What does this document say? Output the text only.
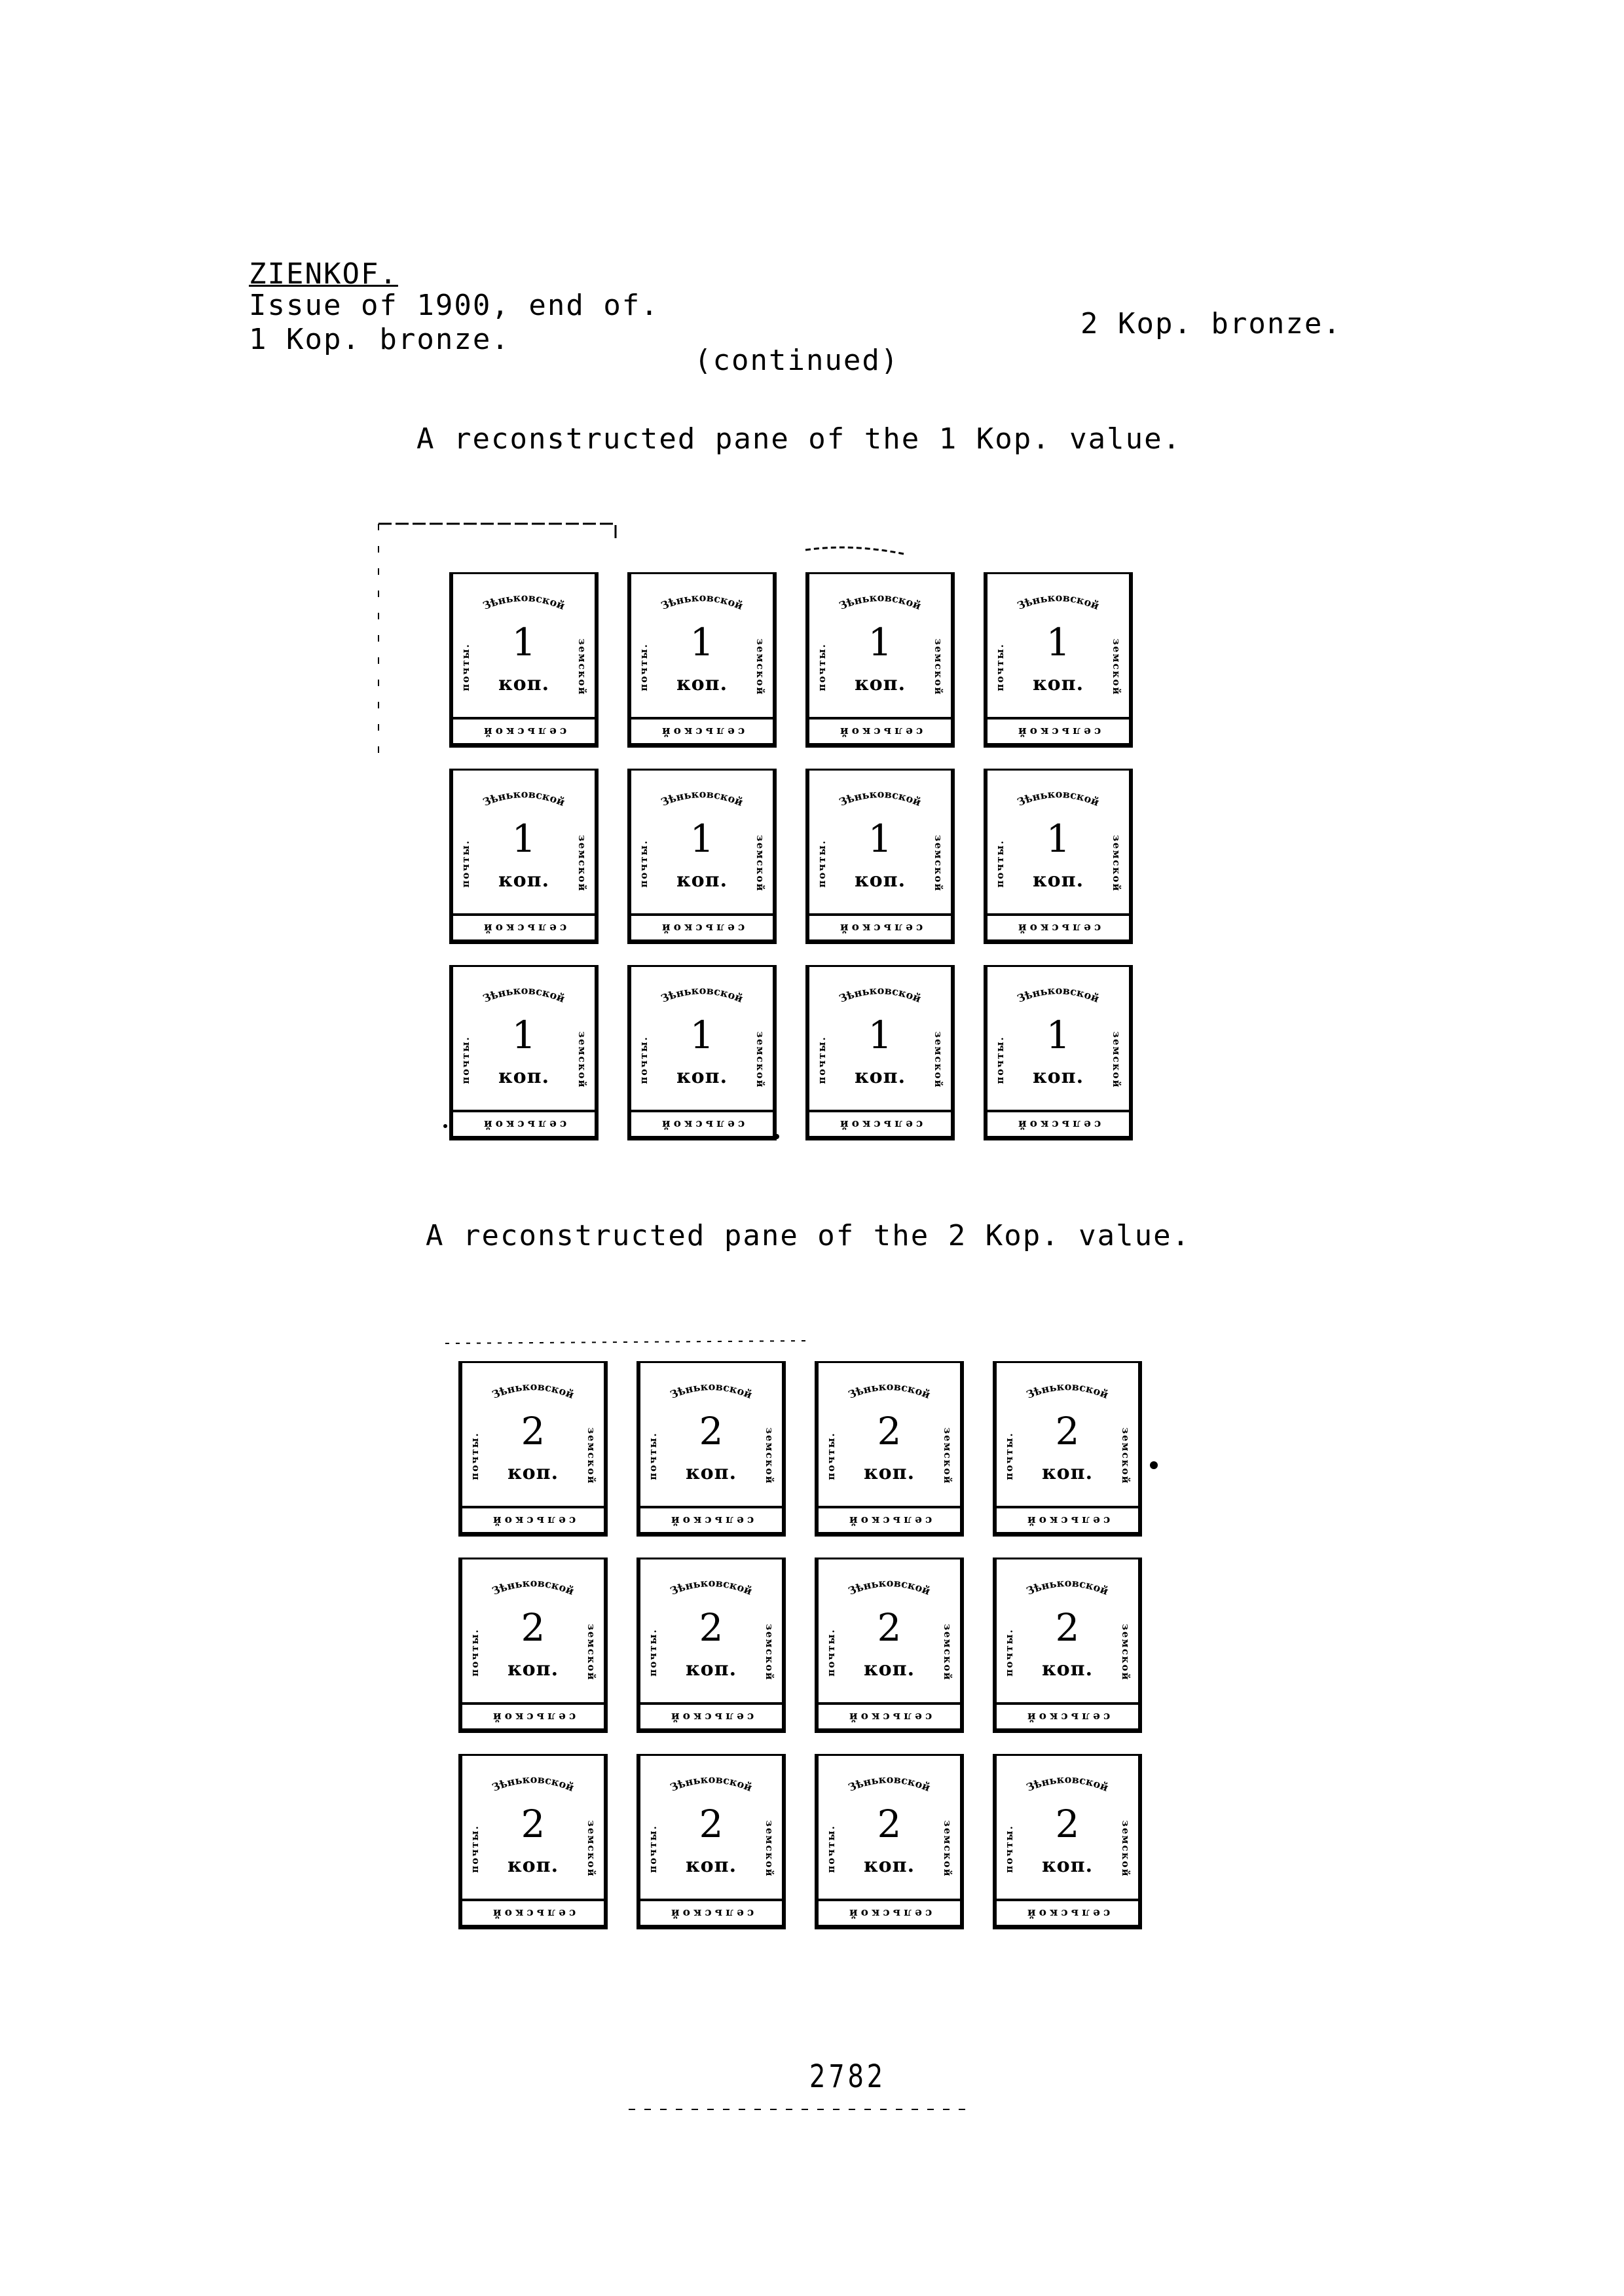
ZIENKOF.
Issue of 1900, end of.
1 Kop. bronze.	2 Kop. bronze.
(continued)
A reconstructed pane of the 1 Kop. value.
Зѣньковской
почты.	земской
1
коп.
сельской
Зѣньковской
почты.	земской
1
коп.
сельской
Зѣньковской
почты.	земской
1
коп.
сельской
Зѣньковской
почты.	земской
1
коп.
сельской
Зѣньковской
почты.	земской
1
коп.
сельской
Зѣньковской
почты.	земской
1
коп.
сельской
Зѣньковской
почты.	земской
1
коп.
сельской
Зѣньковской
почты.	земской
1
коп.
сельской
Зѣньковской
почты.	земской
1
коп.
сельской
Зѣньковской
почты.	земской
1
коп.
сельской
Зѣньковской
почты.	земской
1
коп.
сельской
Зѣньковской
почты.	земской
1
коп.
сельской
A reconstructed pane of the 2 Kop. value.
Зѣньковской
почты.	земской
2
коп.
сельской
Зѣньковской
почты.	земской
2
коп.
сельской
Зѣньковской
почты.	земской
2
коп.
сельской
Зѣньковской
почты.	земской
2
коп.
сельской
Зѣньковской
почты.	земской
2
коп.
сельской
Зѣньковской
почты.	земской
2
коп.
сельской
Зѣньковской
почты.	земской
2
коп.
сельской
Зѣньковской
почты.	земской
2
коп.
сельской
Зѣньковской
почты.	земской
2
коп.
сельской
Зѣньковской
почты.	земской
2
коп.
сельской
Зѣньковской
почты.	земской
2
коп.
сельской
Зѣньковской
почты.	земской
2
коп.
сельской
2782
